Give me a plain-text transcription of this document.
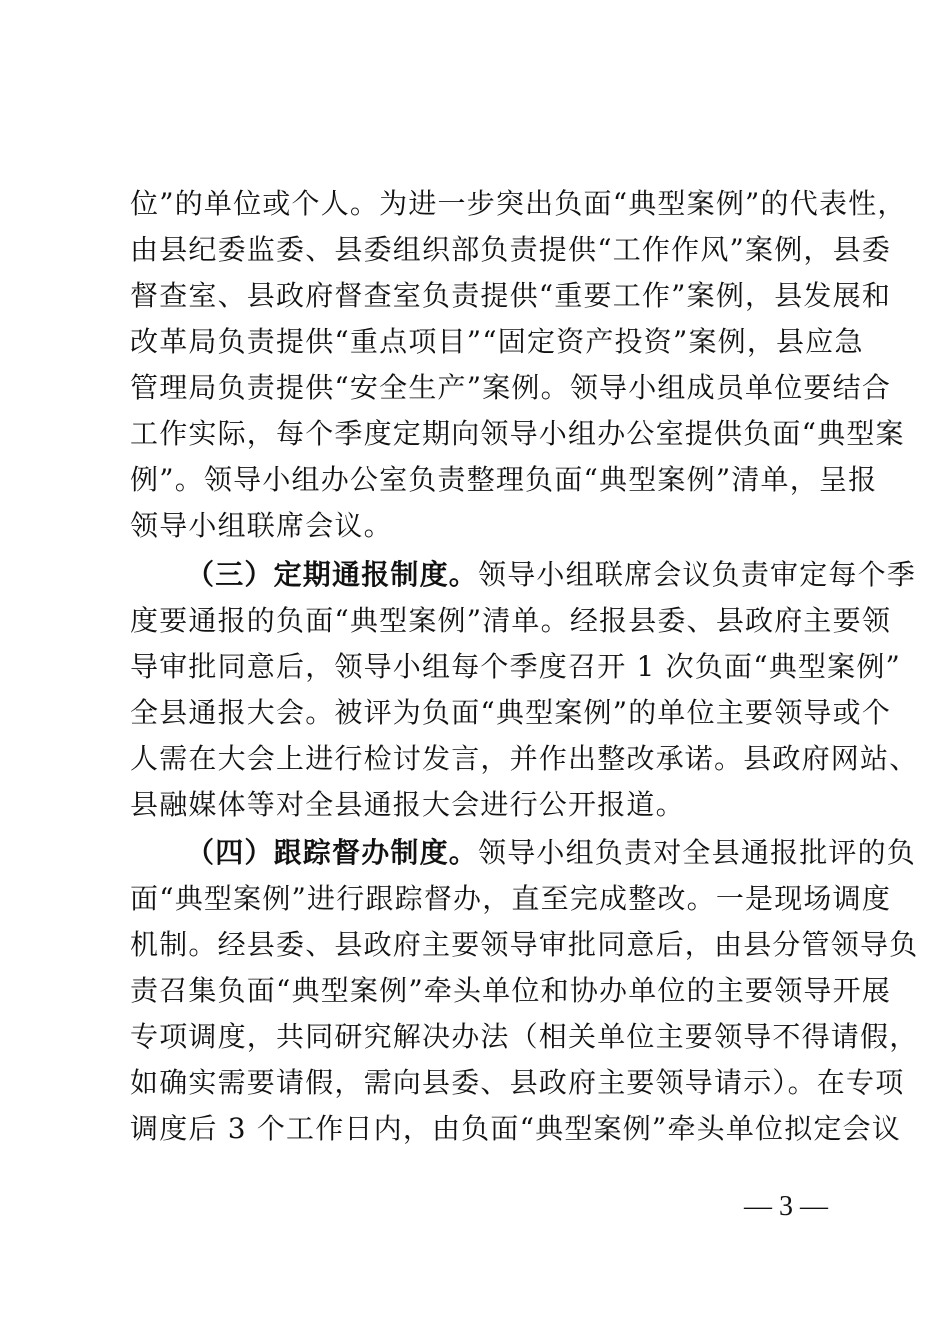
位”的单位或个人。为进一步突出负面“典型案例”的代表性，
由县纪委监委、县委组织部负责提供“工作作风”案例，县委
督查室、县政府督查室负责提供“重要工作”案例，县发展和
改革局负责提供“重点项目”“固定资产投资”案例，县应急
管理局负责提供“安全生产”案例。领导小组成员单位要结合
工作实际，每个季度定期向领导小组办公室提供负面“典型案
例”。领导小组办公室负责整理负面“典型案例”清单，呈报
领导小组联席会议。
（三）定期通报制度。领导小组联席会议负责审定每个季
度要通报的负面“典型案例”清单。经报县委、县政府主要领
导审批同意后，领导小组每个季度召开 1 次负面“典型案例”
全县通报大会。被评为负面“典型案例”的单位主要领导或个
人需在大会上进行检讨发言，并作出整改承诺。县政府网站、
县融媒体等对全县通报大会进行公开报道。
（四）跟踪督办制度。领导小组负责对全县通报批评的负
面“典型案例”进行跟踪督办，直至完成整改。一是现场调度
机制。经县委、县政府主要领导审批同意后，由县分管领导负
责召集负面“典型案例”牵头单位和协办单位的主要领导开展
专项调度，共同研究解决办法（相关单位主要领导不得请假，
如确实需要请假，需向县委、县政府主要领导请示）。在专项
调度后 3 个工作日内，由负面“典型案例”牵头单位拟定会议
— 3 —
